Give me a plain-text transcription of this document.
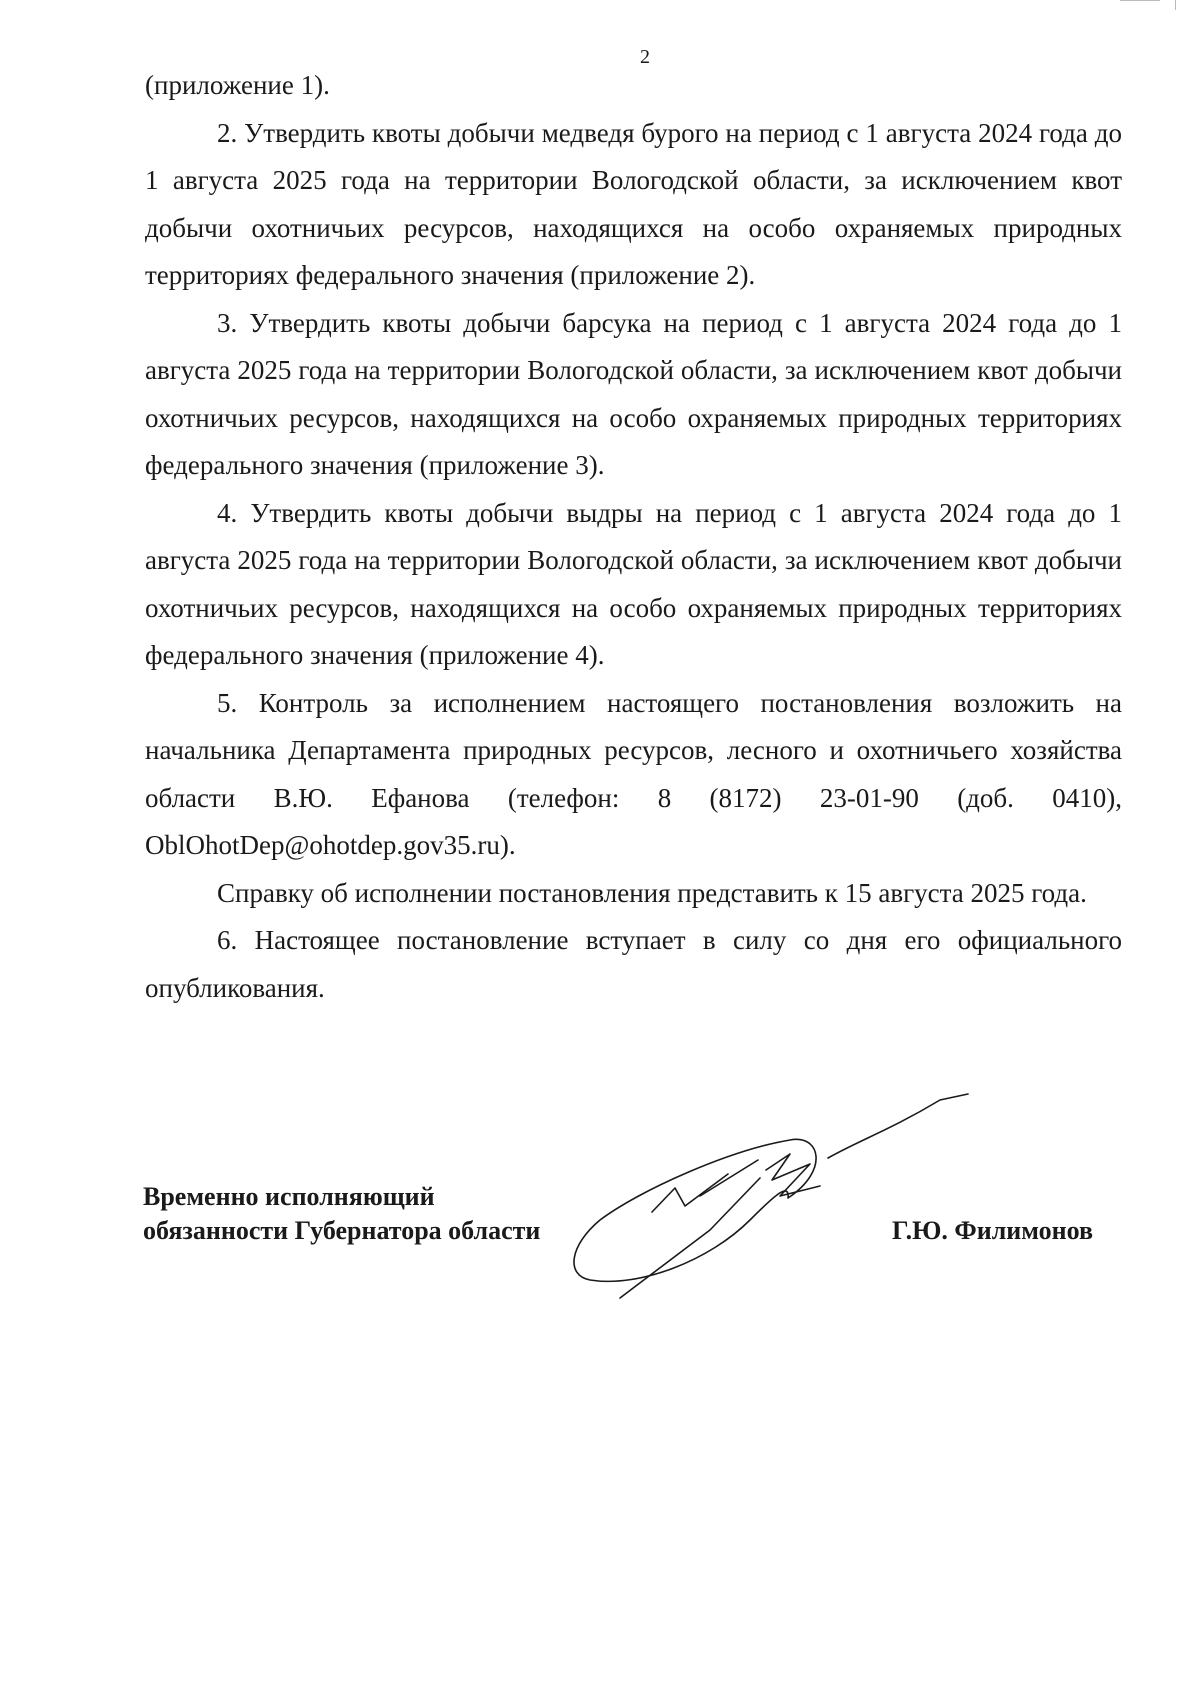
2

(приложение 1).

2. Утвердить квоты добычи медведя бурого на период с 1 августа 2024 года до 1 августа 2025 года на территории Вологодской области, за исключением квот добычи охотничьих ресурсов, находящихся на особо охраняемых природных территориях федерального значения (приложение 2).

3. Утвердить квоты добычи барсука на период с 1 августа 2024 года до 1 августа 2025 года на территории Вологодской области, за исключением квот добычи охотничьих ресурсов, находящихся на особо охраняемых природных территориях федерального значения (приложение 3).

4. Утвердить квоты добычи выдры на период с 1 августа 2024 года до 1 августа 2025 года на территории Вологодской области, за исключением квот добычи охотничьих ресурсов, находящихся на особо охраняемых природных территориях федерального значения (приложение 4).

5. Контроль за исполнением настоящего постановления возложить на начальника Департамента природных ресурсов, лесного и охотничьего хозяйства области В.Ю. Ефанова (телефон: 8 (8172) 23-01-90 (доб. 0410), OblOhotDep@ohotdep.gov35.ru).

Справку об исполнении постановления представить к 15 августа 2025 года.

6. Настоящее постановление вступает в силу со дня его официального опубликования.

Временно исполняющий
обязанности Губернатора области	Г.Ю. Филимонов
